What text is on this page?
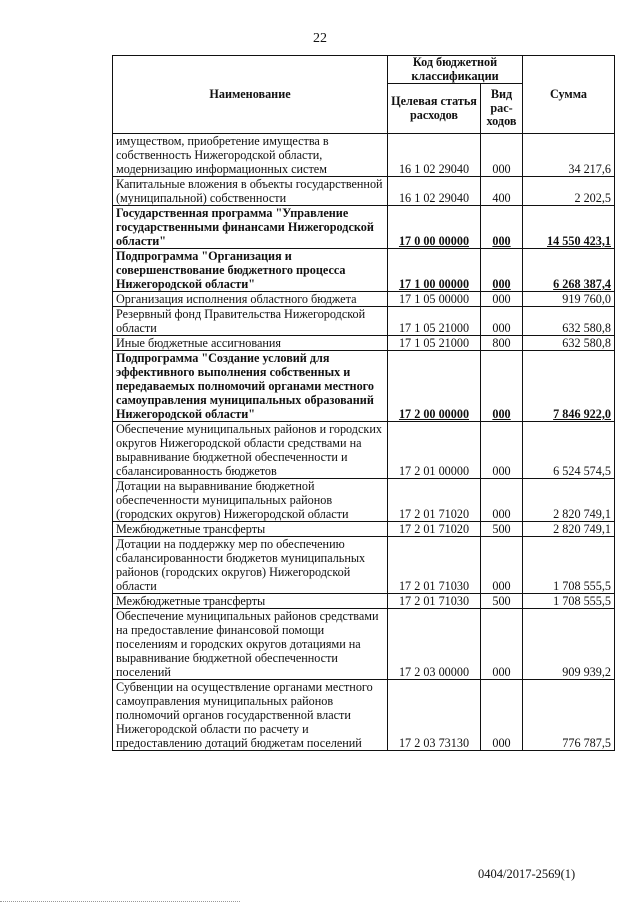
22
Наименование	Код бюджетной классификации		Сумма
	Целевая статья расходов	Вид рас-ходов	
имуществом, приобретение имущества в собственность Нижегородской области, модернизацию информационных систем	16 1 02 29040	000	34 217,6
Капитальные вложения в объекты государственной (муниципальной) собственности	16 1 02 29040	400	2 202,5
Государственная программа "Управление государственными финансами Нижегородской области"	17 0 00 00000	000	14 550 423,1
Подпрограмма "Организация и совершенствование бюджетного процесса Нижегородской области"	17 1 00 00000	000	6 268 387,4
Организация исполнения областного бюджета	17 1 05 00000	000	919 760,0
Резервный фонд Правительства Нижегородской области	17 1 05 21000	000	632 580,8
Иные бюджетные ассигнования	17 1 05 21000	800	632 580,8
Подпрограмма "Создание условий для эффективного выполнения собственных и передаваемых полномочий органами местного самоуправления муниципальных образований Нижегородской области"	17 2 00 00000	000	7 846 922,0
Обеспечение муниципальных районов и городских округов Нижегородской области средствами на выравнивание бюджетной обеспеченности и сбалансированность бюджетов	17 2 01 00000	000	6 524 574,5
Дотации на выравнивание бюджетной обеспеченности муниципальных районов (городских округов) Нижегородской области	17 2 01 71020	000	2 820 749,1
Межбюджетные трансферты	17 2 01 71020	500	2 820 749,1
Дотации на поддержку мер по обеспечению сбалансированности бюджетов муниципальных районов (городских округов) Нижегородской области	17 2 01 71030	000	1 708 555,5
Межбюджетные трансферты	17 2 01 71030	500	1 708 555,5
Обеспечение муниципальных районов средствами на предоставление финансовой помощи поселениям и городских округов дотациями на выравнивание бюджетной обеспеченности поселений	17 2 03 00000	000	909 939,2
Субвенции на осуществление органами местного самоуправления муниципальных районов полномочий органов государственной власти Нижегородской области по расчету и предоставлению дотаций бюджетам поселений	17 2 03 73130	000	776 787,5
0404/2017-2569(1)
